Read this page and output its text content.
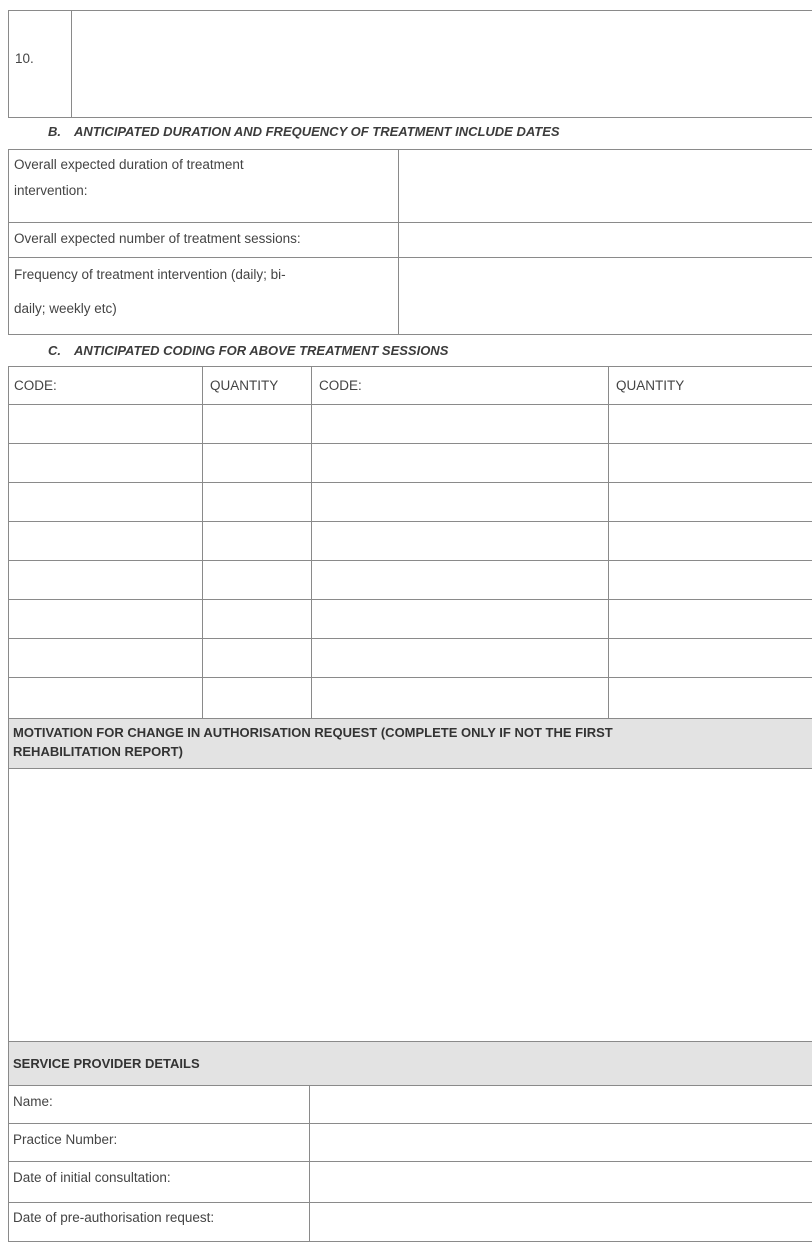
10.
B. ANTICIPATED DURATION AND FREQUENCY OF TREATMENT INCLUDE DATES
Overall expected duration of treatment
intervention:
Overall expected number of treatment sessions:
Frequency of treatment intervention (daily; bi-
daily; weekly etc)
C. ANTICIPATED CODING FOR ABOVE TREATMENT SESSIONS
CODE:	QUANTITY	CODE:	QUANTITY
MOTIVATION FOR CHANGE IN AUTHORISATION REQUEST (COMPLETE ONLY IF NOT THE FIRST
REHABILITATION REPORT)
SERVICE PROVIDER DETAILS
Name:
Practice Number:
Date of initial consultation:
Date of pre-authorisation request:
